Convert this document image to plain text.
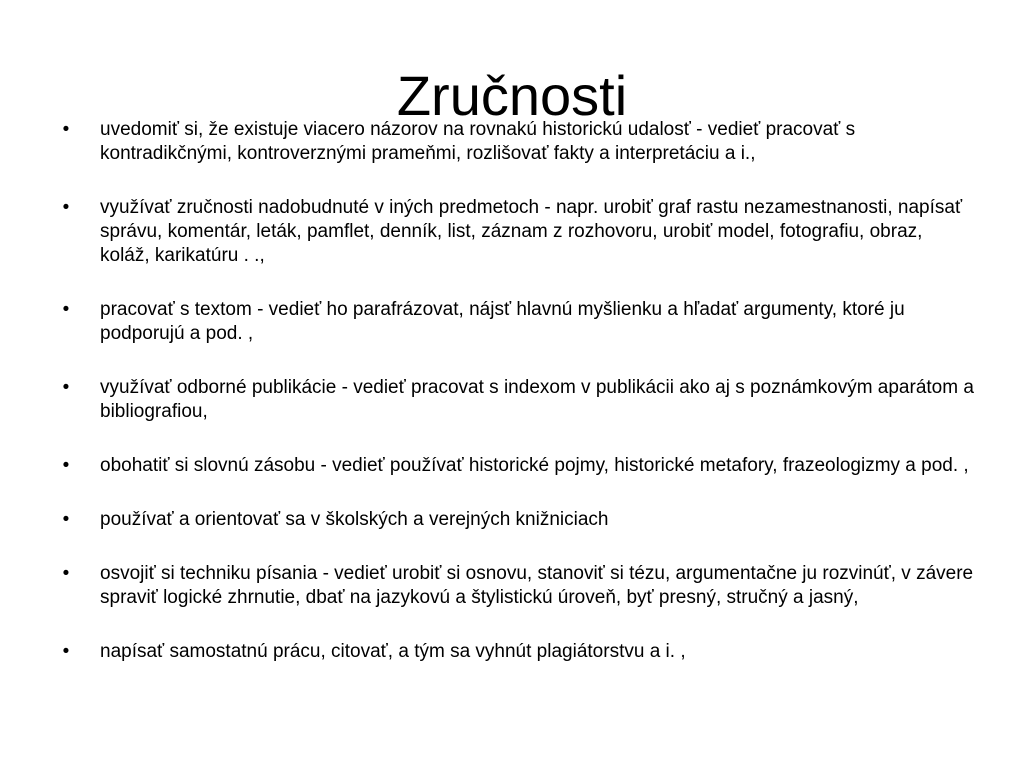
Zručnosti
•	uvedomiť si, že existuje viacero názorov na rovnakú historickú udalosť - vedieť pracovať s kontradikčnými, kontroverznými prameňmi, rozlišovať fakty a interpretáciu a i.,
•	využívať zručnosti nadobudnuté v iných predmetoch - napr. urobiť graf rastu nezamestnanosti, napísať správu, komentár, leták, pamflet, denník, list, záznam z rozhovoru, urobiť model, fotografiu, obraz, koláž, karikatúru . .,
•	pracovať s textom - vedieť ho parafrázovat, nájsť hlavnú myšlienku a hľadať argumenty, ktoré ju podporujú a pod. ,
•	využívať odborné publikácie - vedieť pracovat s indexom v publikácii ako aj s poznámkovým aparátom a bibliografiou,
•	obohatiť si slovnú zásobu - vedieť používať historické pojmy, historické metafory, frazeologizmy a pod. ,
•	používať a orientovať sa v školských a verejných knižniciach
•	osvojiť si techniku písania - vedieť urobiť si osnovu, stanoviť si tézu, argumentačne ju rozvinúť, v závere spraviť logické zhrnutie, dbať na jazykovú a štylistickú úroveň, byť presný, stručný a jasný,
•	napísať samostatnú prácu, citovať, a tým sa vyhnút plagiátorstvu a i. ,
